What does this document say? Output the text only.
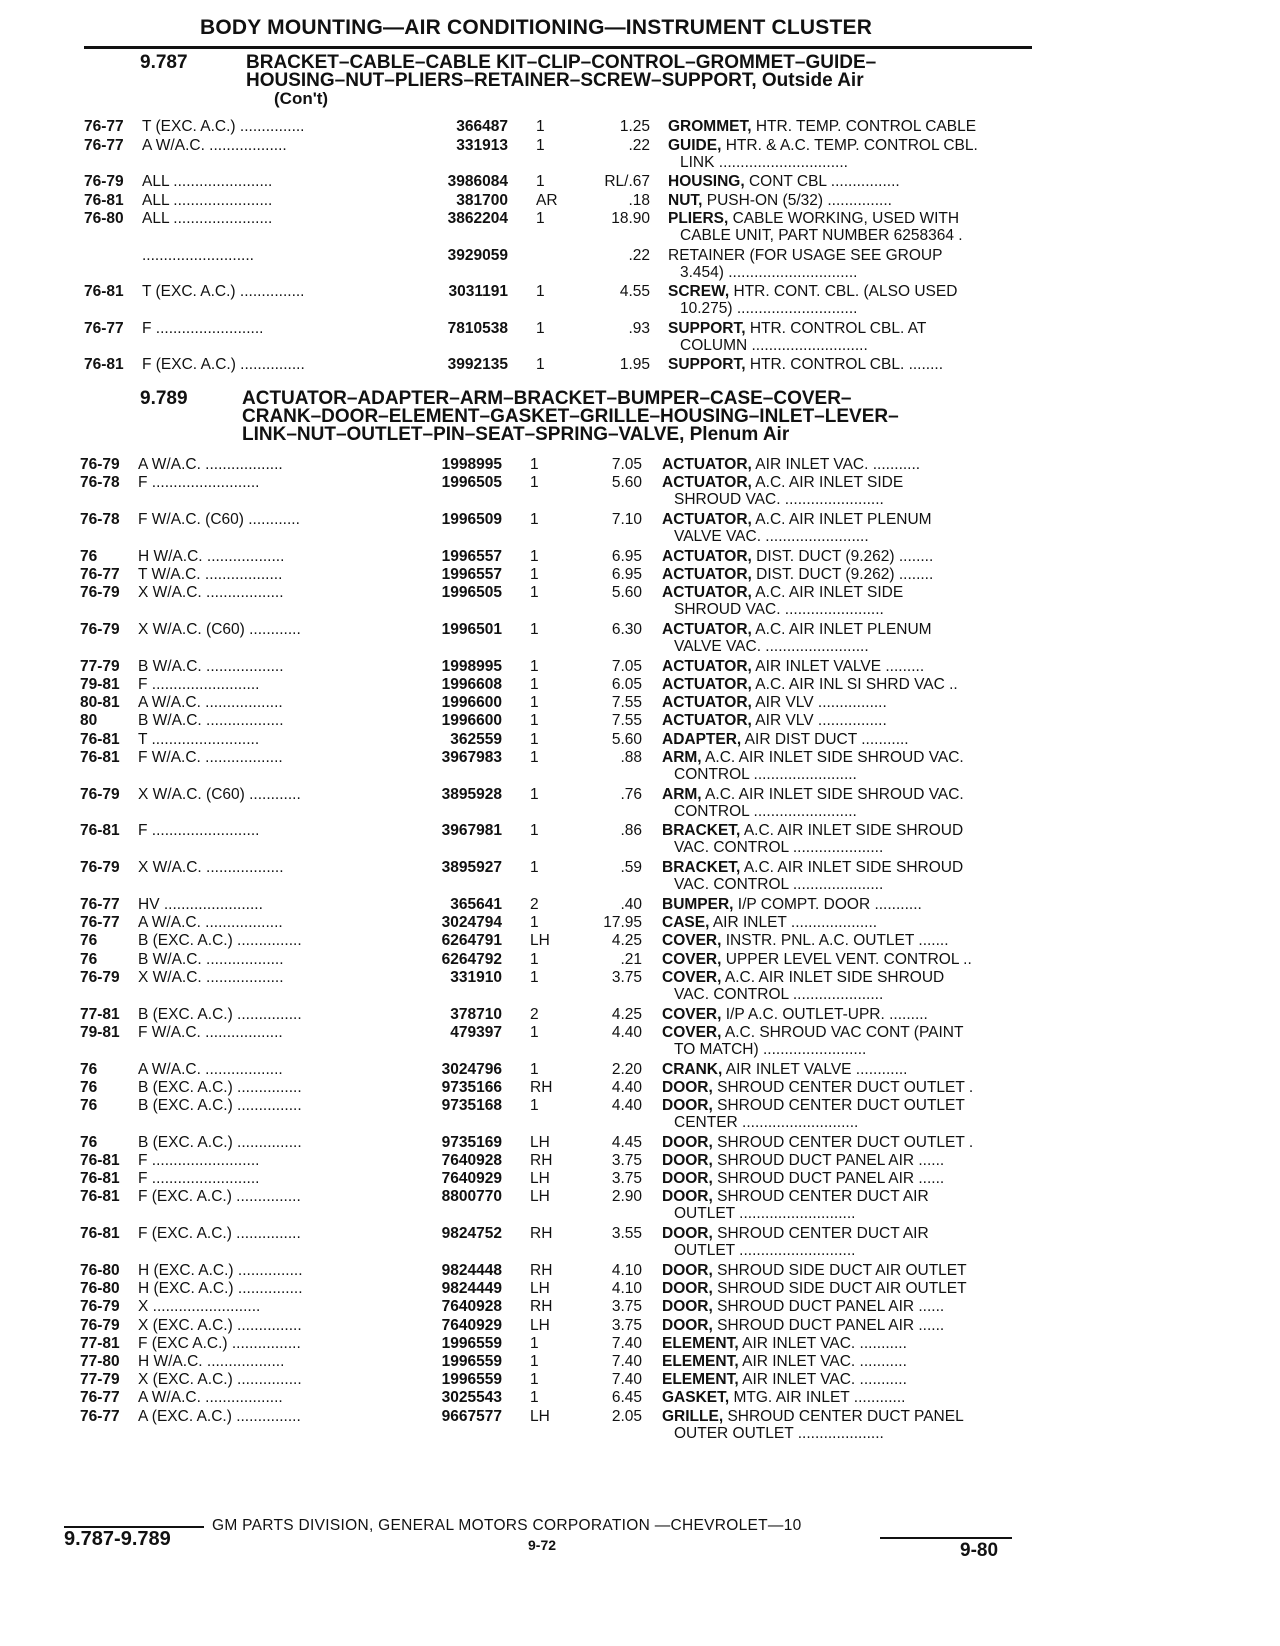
BODY MOUNTING—AIR CONDITIONING—INSTRUMENT CLUSTER
9.787	BRACKET–CABLE–CABLE KIT–CLIP–CONTROL–GROMMET–GUIDE–
HOUSING–NUT–PLIERS–RETAINER–SCREW–SUPPORT, Outside Air
(Con't)
76-77 T (EXC. A.C.) ...............	366487 1	1.25 GROMMET, HTR. TEMP. CONTROL CABLE
76-77 A W/A.C. ..................	331913 1	.22 GUIDE, HTR. & A.C. TEMP. CONTROL CBL.
LINK ..............................
76-79 ALL .......................	3986084 1	RL/.67 HOUSING, CONT CBL ................
76-81 ALL .......................	381700 AR	.18 NUT, PUSH-ON (5/32) ...............
76-80 ALL .......................	3862204 1	18.90 PLIERS, CABLE WORKING, USED WITH
CABLE UNIT, PART NUMBER 6258364 .
..........................	3929059	.22 RETAINER (FOR USAGE SEE GROUP
3.454) ..............................
76-81 T (EXC. A.C.) ...............	3031191 1	4.55 SCREW, HTR. CONT. CBL. (ALSO USED
10.275) ............................
76-77 F .........................	7810538 1	.93 SUPPORT, HTR. CONTROL CBL. AT
COLUMN ...........................
76-81 F (EXC. A.C.) ...............	3992135 1	1.95 SUPPORT, HTR. CONTROL CBL. ........
9.789	ACTUATOR–ADAPTER–ARM–BRACKET–BUMPER–CASE–COVER–
CRANK–DOOR–ELEMENT–GASKET–GRILLE–HOUSING–INLET–LEVER–
LINK–NUT–OUTLET–PIN–SEAT–SPRING–VALVE, Plenum Air
76-79 A W/A.C. ..................	1998995 1	7.05 ACTUATOR, AIR INLET VAC. ...........
76-78 F .........................	1996505 1	5.60 ACTUATOR, A.C. AIR INLET SIDE
SHROUD VAC. .......................
76-78 F W/A.C. (C60) ............	1996509 1	7.10 ACTUATOR, A.C. AIR INLET PLENUM
VALVE VAC. ........................
76	H W/A.C. ..................	1996557 1	6.95 ACTUATOR, DIST. DUCT (9.262) ........
76-77 T W/A.C. ..................	1996557 1	6.95 ACTUATOR, DIST. DUCT (9.262) ........
76-79 X W/A.C. ..................	1996505 1	5.60 ACTUATOR, A.C. AIR INLET SIDE
SHROUD VAC. .......................
76-79 X W/A.C. (C60) ............	1996501 1	6.30 ACTUATOR, A.C. AIR INLET PLENUM
VALVE VAC. ........................
77-79 B W/A.C. ..................	1998995 1	7.05 ACTUATOR, AIR INLET VALVE .........
79-81 F .........................	1996608 1	6.05 ACTUATOR, A.C. AIR INL SI SHRD VAC ..
80-81 A W/A.C. ..................	1996600 1	7.55 ACTUATOR, AIR VLV ................
80	B W/A.C. ..................	1996600 1	7.55 ACTUATOR, AIR VLV ................
76-81 T .........................	362559 1	5.60 ADAPTER, AIR DIST DUCT ...........
76-81 F W/A.C. ..................	3967983 1	.88 ARM, A.C. AIR INLET SIDE SHROUD VAC.
CONTROL ........................
76-79 X W/A.C. (C60) ............	3895928 1	.76 ARM, A.C. AIR INLET SIDE SHROUD VAC.
CONTROL ........................
76-81 F .........................	3967981 1	.86 BRACKET, A.C. AIR INLET SIDE SHROUD
VAC. CONTROL .....................
76-79 X W/A.C. ..................	3895927 1	.59 BRACKET, A.C. AIR INLET SIDE SHROUD
VAC. CONTROL .....................
76-77 HV .......................	365641 2	.40 BUMPER, I/P COMPT. DOOR ...........
76-77 A W/A.C. ..................	3024794 1	17.95 CASE, AIR INLET ....................
76	B (EXC. A.C.) ...............	6264791 LH	4.25 COVER, INSTR. PNL. A.C. OUTLET .......
76	B W/A.C. ..................	6264792 1	.21 COVER, UPPER LEVEL VENT. CONTROL ..
76-79 X W/A.C. ..................	331910 1	3.75 COVER, A.C. AIR INLET SIDE SHROUD
VAC. CONTROL .....................
77-81 B (EXC. A.C.) ...............	378710 2	4.25 COVER, I/P A.C. OUTLET-UPR. .........
79-81 F W/A.C. ..................	479397 1	4.40 COVER, A.C. SHROUD VAC CONT (PAINT
TO MATCH) ........................
76	A W/A.C. ..................	3024796 1	2.20 CRANK, AIR INLET VALVE ............
76	B (EXC. A.C.) ...............	9735166 RH	4.40 DOOR, SHROUD CENTER DUCT OUTLET .
76	B (EXC. A.C.) ...............	9735168 1	4.40 DOOR, SHROUD CENTER DUCT OUTLET
CENTER ...........................
76	B (EXC. A.C.) ...............	9735169 LH	4.45 DOOR, SHROUD CENTER DUCT OUTLET .
76-81 F .........................	7640928 RH	3.75 DOOR, SHROUD DUCT PANEL AIR ......
76-81 F .........................	7640929 LH	3.75 DOOR, SHROUD DUCT PANEL AIR ......
76-81 F (EXC. A.C.) ...............	8800770 LH	2.90 DOOR, SHROUD CENTER DUCT AIR
OUTLET ...........................
76-81 F (EXC. A.C.) ...............	9824752 RH	3.55 DOOR, SHROUD CENTER DUCT AIR
OUTLET ...........................
76-80 H (EXC. A.C.) ...............	9824448 RH	4.10 DOOR, SHROUD SIDE DUCT AIR OUTLET
76-80 H (EXC. A.C.) ...............	9824449 LH	4.10 DOOR, SHROUD SIDE DUCT AIR OUTLET
76-79 X .........................	7640928 RH	3.75 DOOR, SHROUD DUCT PANEL AIR ......
76-79 X (EXC. A.C.) ...............	7640929 LH	3.75 DOOR, SHROUD DUCT PANEL AIR ......
77-81 F (EXC A.C.) ................	1996559 1	7.40 ELEMENT, AIR INLET VAC. ...........
77-80 H W/A.C. ..................	1996559 1	7.40 ELEMENT, AIR INLET VAC. ...........
77-79 X (EXC. A.C.) ...............	1996559 1	7.40 ELEMENT, AIR INLET VAC. ...........
76-77 A W/A.C. ..................	3025543 1	6.45 GASKET, MTG. AIR INLET ............
76-77 A (EXC. A.C.) ...............	9667577 LH	2.05 GRILLE, SHROUD CENTER DUCT PANEL
OUTER OUTLET ....................
9.787-9.789
GM PARTS DIVISION, GENERAL MOTORS CORPORATION —CHEVROLET—10
9-72	9-80
